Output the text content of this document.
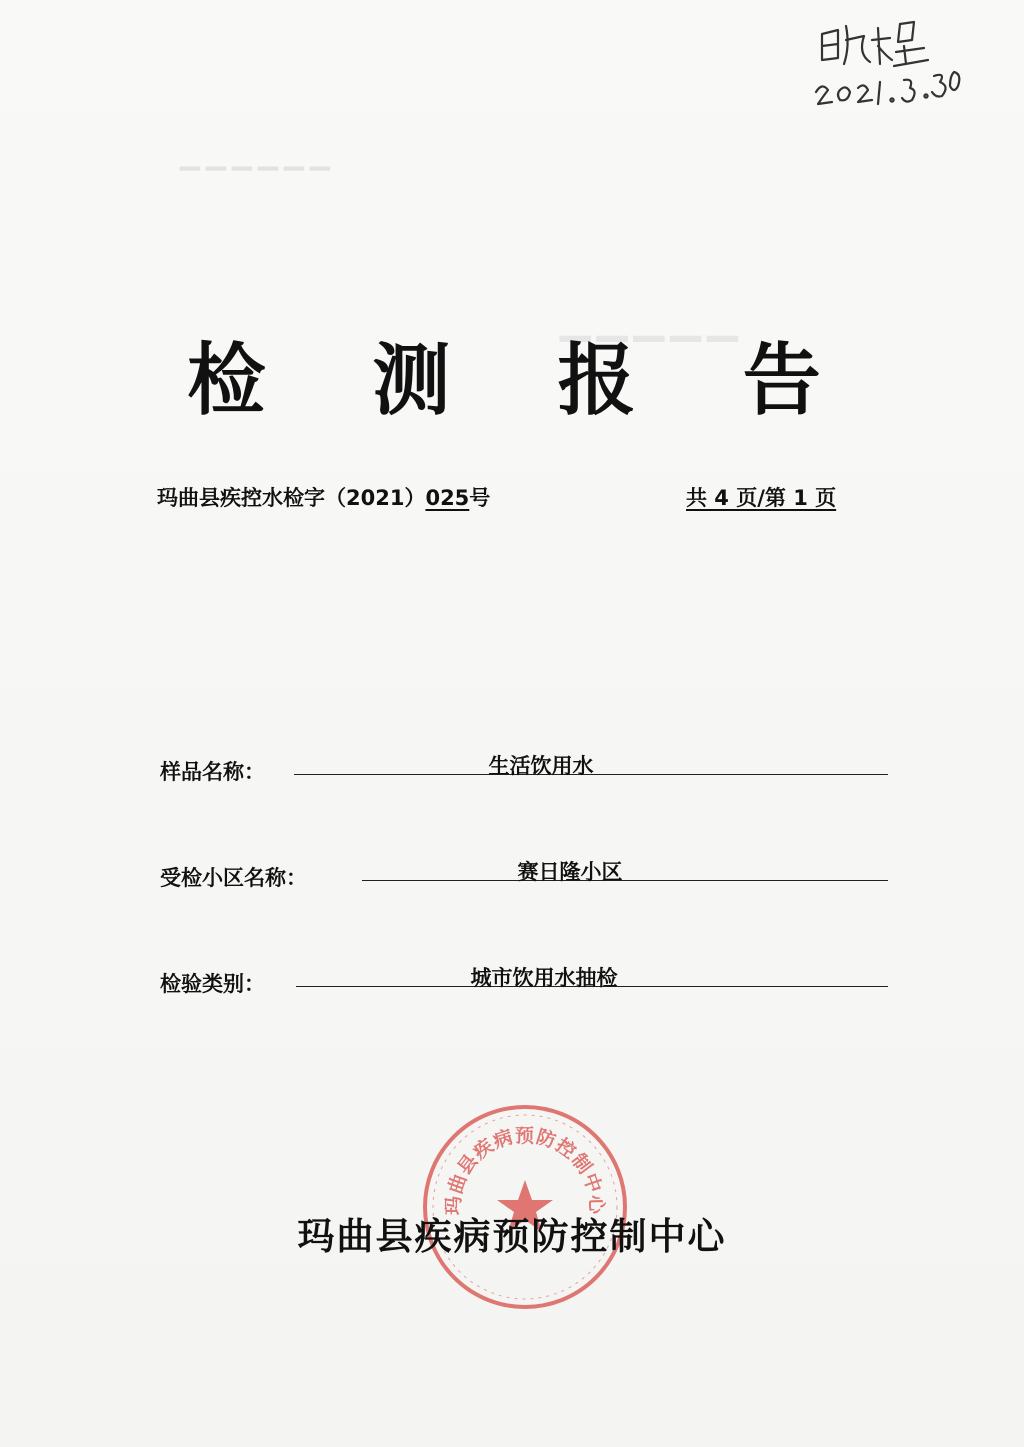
▔▔▔▔▔▔
▁▁▁▁▁
检 测 报 告
玛曲县疾控水检字（2021）025号	共 4 页/第 1 页
样品名称：	生活饮用水
受检小区名称：	赛日隆小区
检验类别：	城市饮用水抽检
玛曲县疾病预防控制中心
玛曲县疾病预防控制中心
